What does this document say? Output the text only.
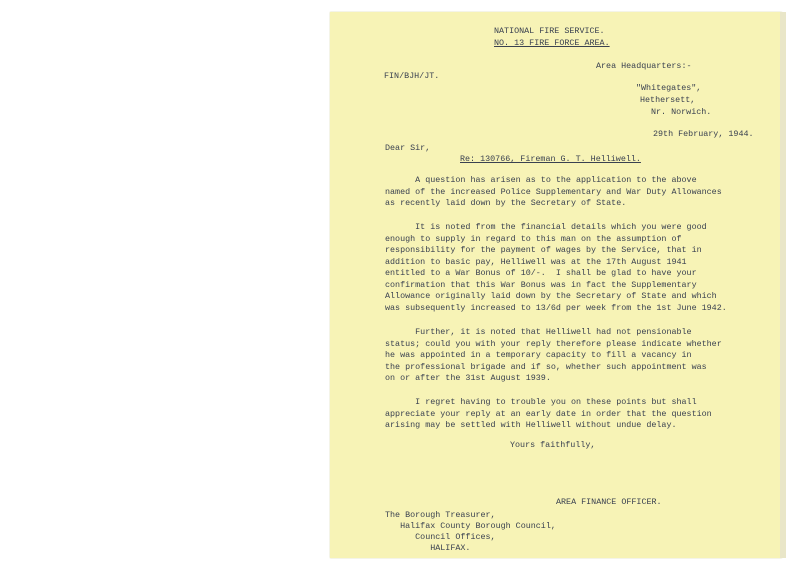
NATIONAL FIRE SERVICE.
NO. 13 FIRE FORCE AREA.
FIN/BJH/JT.
Area Headquarters:-
"Whitegates",
Hethersett,
Nr. Norwich.
29th February, 1944.
Dear Sir,
Re: 130766, Fireman G. T. Helliwell.
A question has arisen as to the application to the above
named of the increased Police Supplementary and War Duty Allowances
as recently laid down by the Secretary of State.
It is noted from the financial details which you were good
enough to supply in regard to this man on the assumption of
responsibility for the payment of wages by the Service, that in
addition to basic pay, Helliwell was at the 17th August 1941
entitled to a War Bonus of 10/-.  I shall be glad to have your
confirmation that this War Bonus was in fact the Supplementary
Allowance originally laid down by the Secretary of State and which
was subsequently increased to 13/6d per week from the 1st June 1942.
Further, it is noted that Helliwell had not pensionable
status; could you with your reply therefore please indicate whether
he was appointed in a temporary capacity to fill a vacancy in
the professional brigade and if so, whether such appointment was
on or after the 31st August 1939.
I regret having to trouble you on these points but shall
appreciate your reply at an early date in order that the question
arising may be settled with Helliwell without undue delay.
Yours faithfully,
AREA FINANCE OFFICER.
The Borough Treasurer,
Halifax County Borough Council,
Council Offices,
HALIFAX.
